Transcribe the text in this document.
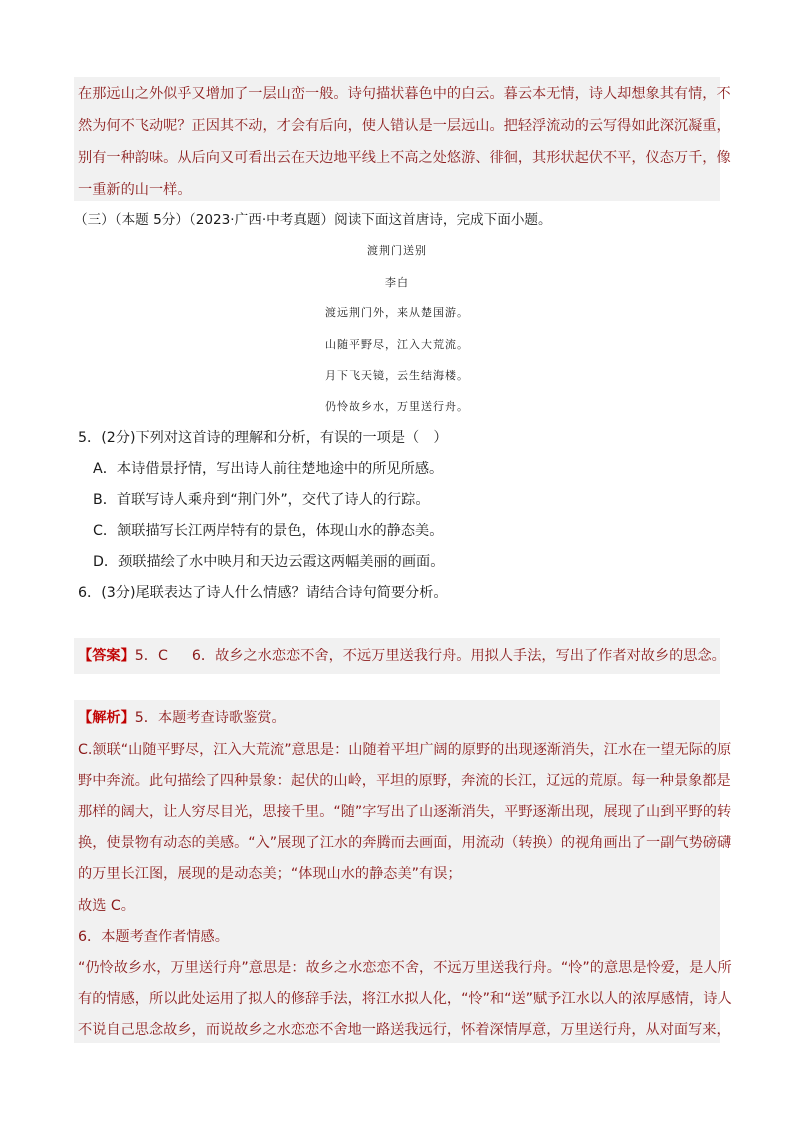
在那远山之外似乎又增加了一层山峦一般。诗句描状暮色中的白云。暮云本无情，诗人却想象其有情，不
然为何不飞动呢？正因其不动，才会有后向，使人错认是一层远山。把轻浮流动的云写得如此深沉凝重，
别有一种韵味。从后向又可看出云在天边地平线上不高之处悠游、徘徊，其形状起伏不平，仪态万千，像
一重新的山一样。
（三）（本题 5分）（2023·广西·中考真题）阅读下面这首唐诗，完成下面小题。
渡荆门送别
李白
渡远荆门外，来从楚国游。
山随平野尽，江入大荒流。
月下飞天镜，云生结海楼。
仍怜故乡水，万里送行舟。
5．(2分)下列对这首诗的理解和分析，有误的一项是（　）
A．本诗借景抒情，写出诗人前往楚地途中的所见所感。
B．首联写诗人乘舟到“荆门外”，交代了诗人的行踪。
C．颔联描写长江两岸特有的景色，体现山水的静态美。
D．颈联描绘了水中映月和天边云霞这两幅美丽的画面。
6．(3分)尾联表达了诗人什么情感？请结合诗句简要分析。
【答案】5．C 6．故乡之水恋恋不舍，不远万里送我行舟。用拟人手法，写出了作者对故乡的思念。
【解析】5．本题考查诗歌鉴赏。
C.颔联“山随平野尽，江入大荒流”意思是：山随着平坦广阔的原野的出现逐渐消失，江水在一望无际的原
野中奔流。此句描绘了四种景象：起伏的山岭，平坦的原野，奔流的长江，辽远的荒原。每一种景象都是
那样的阔大，让人穷尽目光，思接千里。“随”字写出了山逐渐消失，平野逐渐出现，展现了山到平野的转
换，使景物有动态的美感。“入”展现了江水的奔腾而去画面，用流动（转换）的视角画出了一副气势磅礴
的万里长江图，展现的是动态美；“体现山水的静态美”有误；
故选 C。
6．本题考查作者情感。
“仍怜故乡水，万里送行舟”意思是：故乡之水恋恋不舍，不远万里送我行舟。“怜”的意思是怜爱，是人所
有的情感，所以此处运用了拟人的修辞手法，将江水拟人化，“怜”和“送”赋予江水以人的浓厚感情，诗人
不说自己思念故乡，而说故乡之水恋恋不舍地一路送我远行，怀着深情厚意，万里送行舟，从对面写来，
